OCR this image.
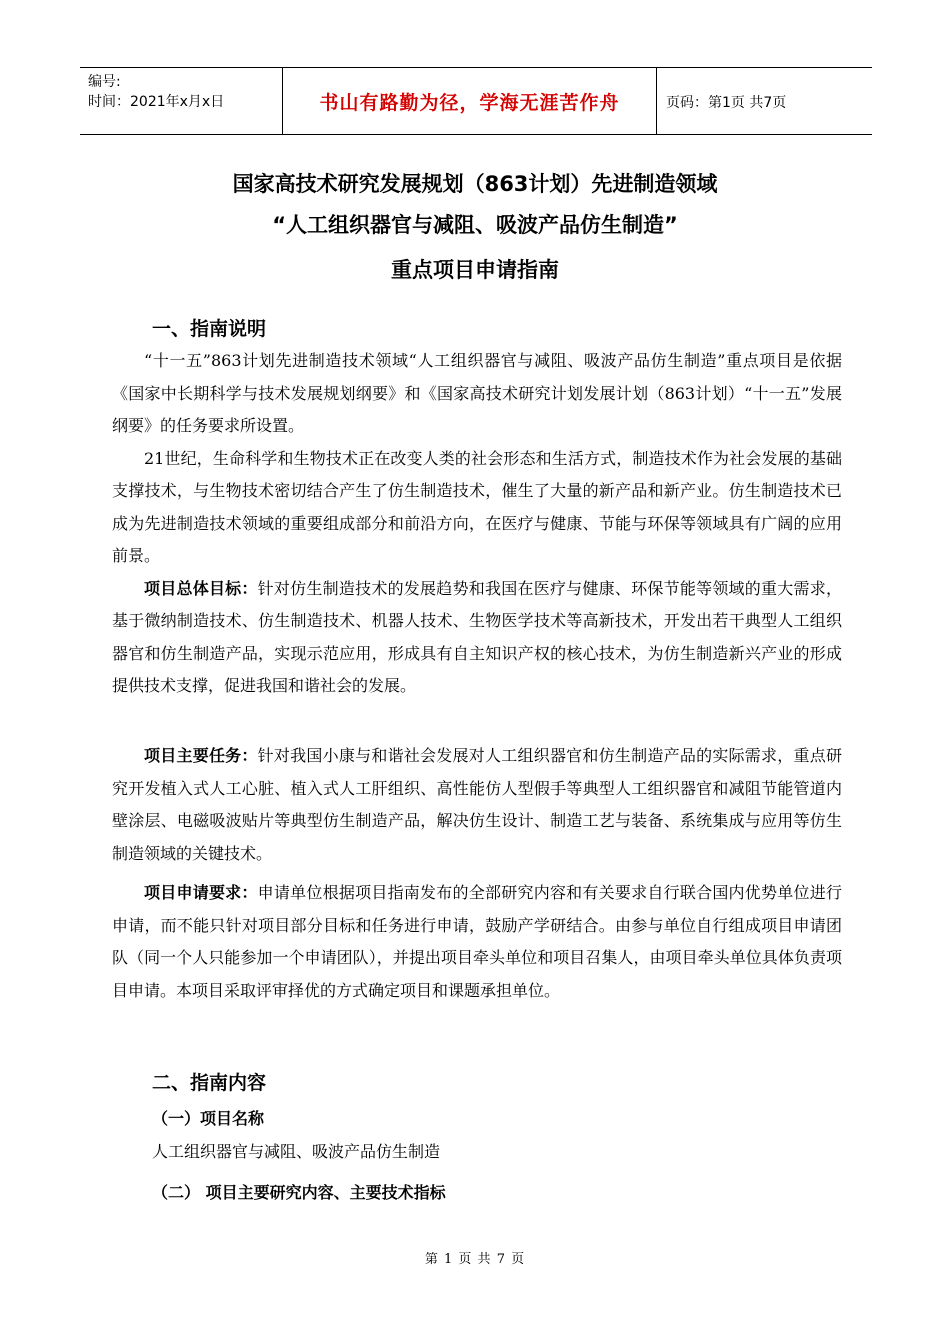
编号:
时间：2021年x月x日	书山有路勤为径，学海无涯苦作舟	页码：第1页 共7页
国家高技术研究发展规划（863计划）先进制造领域
“人工组织器官与减阻、吸波产品仿生制造”
重点项目申请指南
一、指南说明

“十一五”863计划先进制造技术领域“人工组织器官与减阻、吸波产品仿生制造”重点项目是依据《国家中长期科学与技术发展规划纲要》和《国家高技术研究计划发展计划（863计划）“十一五”发展纲要》的任务要求所设置。

21世纪，生命科学和生物技术正在改变人类的社会形态和生活方式，制造技术作为社会发展的基础支撑技术，与生物技术密切结合产生了仿生制造技术，催生了大量的新产品和新产业。仿生制造技术已成为先进制造技术领域的重要组成部分和前沿方向，在医疗与健康、节能与环保等领域具有广阔的应用前景。

项目总体目标：针对仿生制造技术的发展趋势和我国在医疗与健康、环保节能等领域的重大需求，基于微纳制造技术、仿生制造技术、机器人技术、生物医学技术等高新技术，开发出若干典型人工组织器官和仿生制造产品，实现示范应用，形成具有自主知识产权的核心技术，为仿生制造新兴产业的形成提供技术支撑，促进我国和谐社会的发展。

项目主要任务：针对我国小康与和谐社会发展对人工组织器官和仿生制造产品的实际需求，重点研究开发植入式人工心脏、植入式人工肝组织、高性能仿人型假手等典型人工组织器官和减阻节能管道内壁涂层、电磁吸波贴片等典型仿生制造产品，解决仿生设计、制造工艺与装备、系统集成与应用等仿生制造领域的关键技术。

项目申请要求：申请单位根据项目指南发布的全部研究内容和有关要求自行联合国内优势单位进行申请，而不能只针对项目部分目标和任务进行申请，鼓励产学研结合。由参与单位自行组成项目申请团队（同一个人只能参加一个申请团队），并提出项目牵头单位和项目召集人，由项目牵头单位具体负责项目申请。本项目采取评审择优的方式确定项目和课题承担单位。

二、指南内容
（一）项目名称
人工组织器官与减阻、吸波产品仿生制造
（二） 项目主要研究内容、主要技术指标
第 1 页 共 7 页
